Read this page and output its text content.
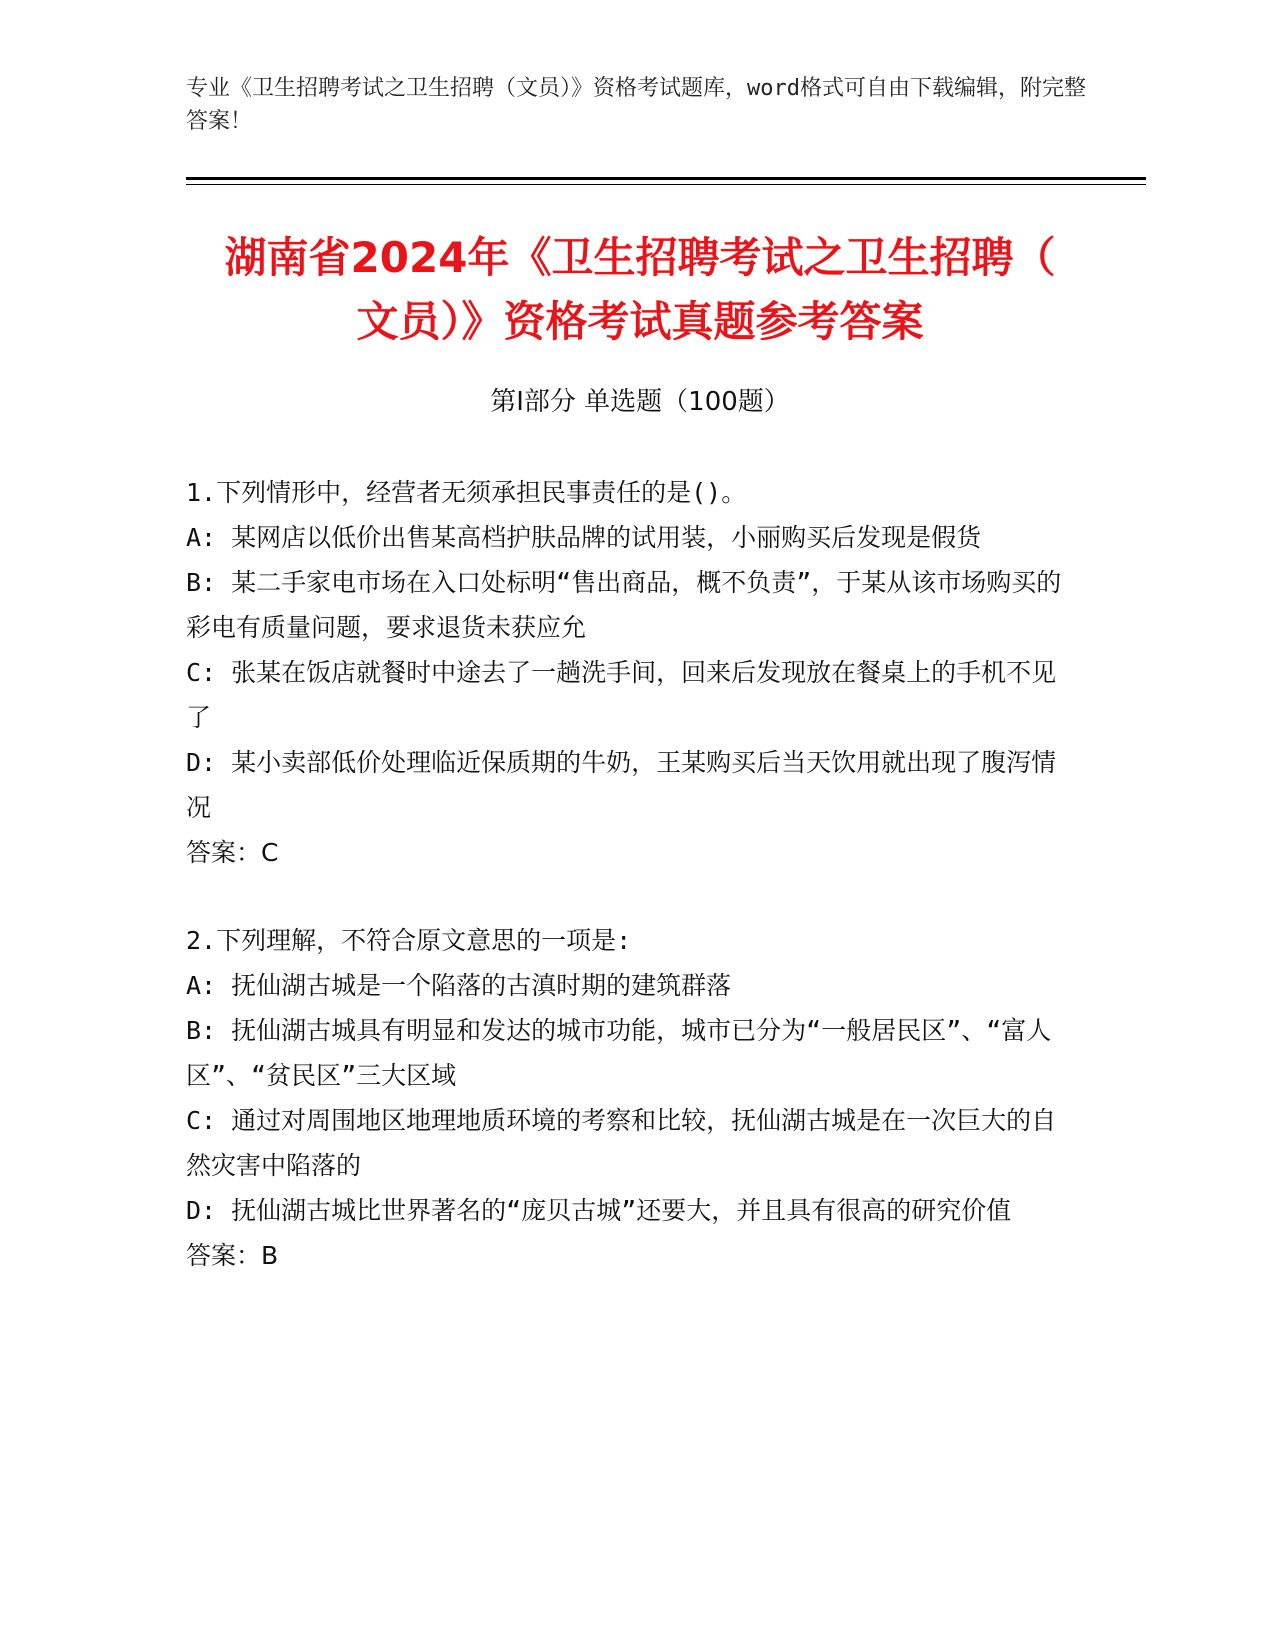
专业《卫生招聘考试之卫生招聘（文员）》资格考试题库，word格式可自由下载编辑，附完整答案！
湖南省2024年《卫生招聘考试之卫生招聘（
文员）》资格考试真题参考答案
第Ⅰ部分 单选题（100题）
1.下列情形中，经营者无须承担民事责任的是()。
A: 某网店以低价出售某高档护肤品牌的试用装，小丽购买后发现是假货
B: 某二手家电市场在入口处标明“售出商品，概不负责”，于某从该市场购买的彩电有质量问题，要求退货未获应允
C: 张某在饭店就餐时中途去了一趟洗手间，回来后发现放在餐桌上的手机不见了
D: 某小卖部低价处理临近保质期的牛奶，王某购买后当天饮用就出现了腹泻情况
答案：C
2.下列理解，不符合原文意思的一项是:
A: 抚仙湖古城是一个陷落的古滇时期的建筑群落
B: 抚仙湖古城具有明显和发达的城市功能，城市已分为“一般居民区”、“富人区”、“贫民区”三大区域
C: 通过对周围地区地理地质环境的考察和比较，抚仙湖古城是在一次巨大的自然灾害中陷落的
D: 抚仙湖古城比世界著名的“庞贝古城”还要大，并且具有很高的研究价值
答案：B
